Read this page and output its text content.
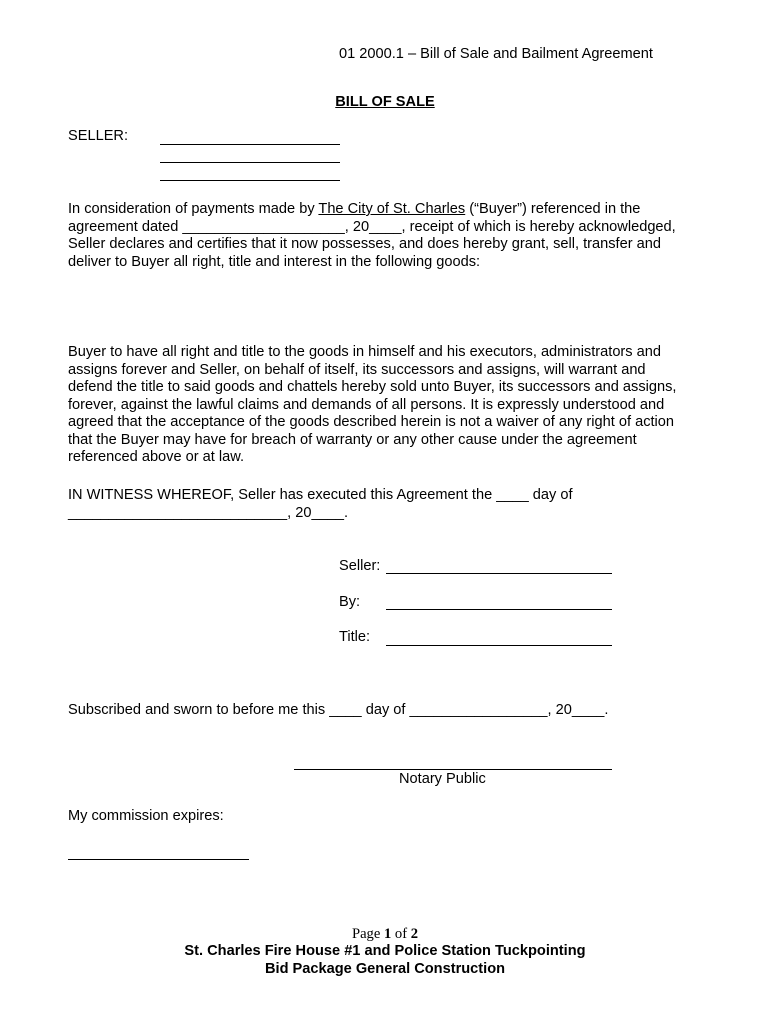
01 2000.1 – Bill of Sale and Bailment Agreement
BILL OF SALE
SELLER:
In consideration of payments made by The City of St. Charles (“Buyer”) referenced in the
agreement dated ____________________, 20____, receipt of which is hereby acknowledged,
Seller declares and certifies that it now possesses, and does hereby grant, sell, transfer and
deliver to Buyer all right, title and interest in the following goods:
Buyer to have all right and title to the goods in himself and his executors, administrators and
assigns forever and Seller, on behalf of itself, its successors and assigns, will warrant and
defend the title to said goods and chattels hereby sold unto Buyer, its successors and assigns,
forever, against the lawful claims and demands of all persons. It is expressly understood and
agreed that the acceptance of the goods described herein is not a waiver of any right of action
that the Buyer may have for breach of warranty or any other cause under the agreement
referenced above or at law.
IN WITNESS WHEREOF, Seller has executed this Agreement the ____ day of
___________________________, 20____.
Seller:
By:
Title:
Subscribed and sworn to before me this ____ day of _________________, 20____.
Notary Public
My commission expires:
Page 1 of 2
St. Charles Fire House #1 and Police Station Tuckpointing
Bid Package General Construction
